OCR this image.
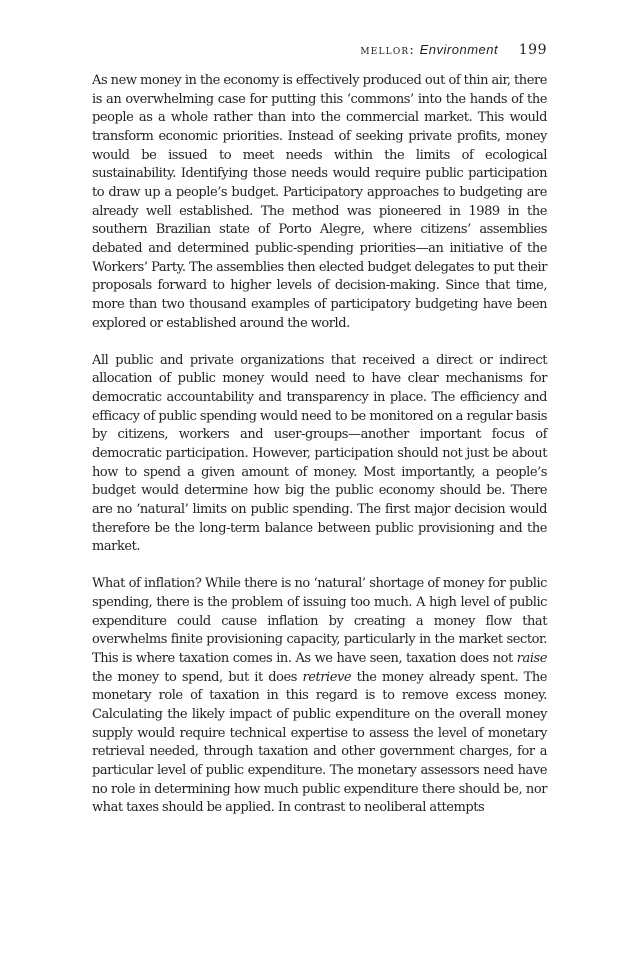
mellor: Environment 199

As new money in the economy is effectively produced out of thin air, there is an overwhelming case for putting this ‘commons’ into the hands of the people as a whole rather than into the commercial market. This would transform economic priorities. Instead of seeking private profits, money would be issued to meet needs within the limits of ecological sustainability. Identifying those needs would require public participation to draw up a people’s budget. Participatory approaches to budgeting are already well established. The method was pioneered in 1989 in the southern Brazilian state of Porto Alegre, where citizens’ assemblies debated and determined public-spending priorities—an initiative of the Workers’ Party. The assemblies then elected budget delegates to put their proposals forward to higher levels of decision-making. Since that time, more than two thousand examples of participatory budgeting have been explored or established around the world.

All public and private organizations that received a direct or indirect allocation of public money would need to have clear mechanisms for democratic accountability and transparency in place. The efficiency and efficacy of public spending would need to be monitored on a regular basis by citizens, workers and user-groups—another important focus of democratic participation. However, participation should not just be about how to spend a given amount of money. Most importantly, a people’s budget would determine how big the public economy should be. There are no ‘natural’ limits on public spending. The first major decision would therefore be the long-term balance between public provisioning and the market.

What of inflation? While there is no ‘natural’ shortage of money for public spending, there is the problem of issuing too much. A high level of public expenditure could cause inflation by creating a money flow that overwhelms finite provisioning capacity, particularly in the market sector. This is where taxation comes in. As we have seen, taxation does not raise the money to spend, but it does retrieve the money already spent. The monetary role of taxation in this regard is to remove excess money. Calculating the likely impact of public expenditure on the overall money supply would require technical expertise to assess the level of monetary retrieval needed, through taxation and other government charges, for a particular level of public expenditure. The monetary assessors need have no role in determining how much public expenditure there should be, nor what taxes should be applied. In contrast to neoliberal attempts
